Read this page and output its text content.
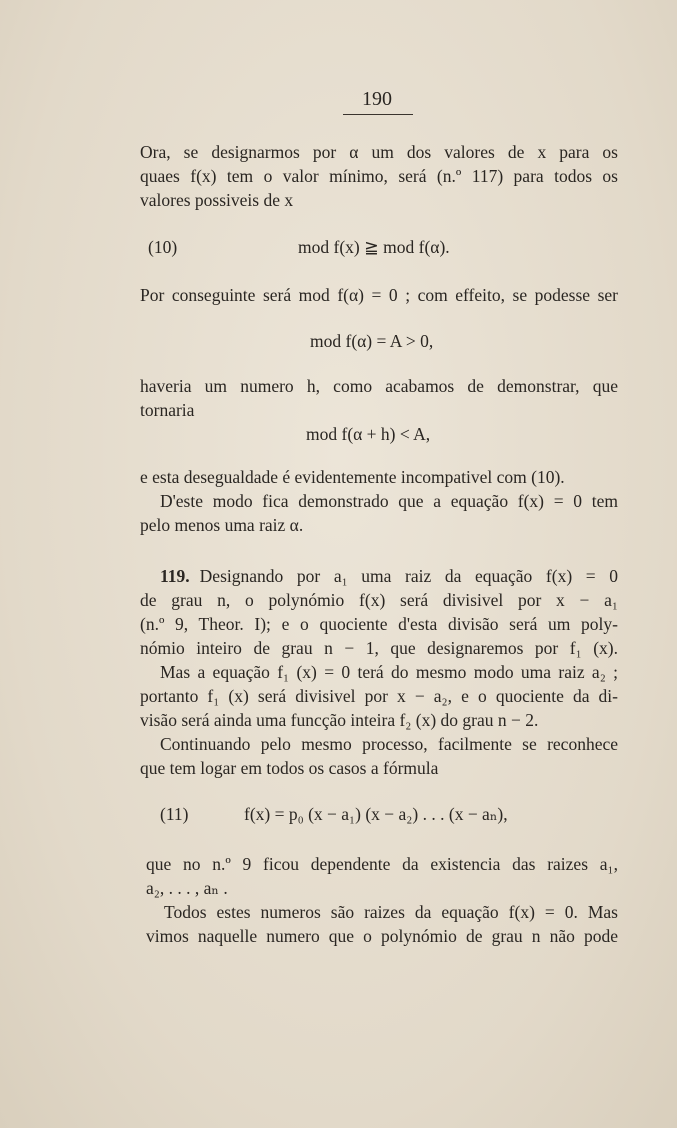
190
Ora, se designarmos por α um dos valores de x para os
quaes f(x) tem o valor mínimo, será (n.º 117) para todos os
valores possiveis de x
(10)	mod f(x) ≧ mod f(α).
Por conseguinte será mod f(α) = 0 ; com effeito, se podesse ser
mod f(α) = A > 0,
haveria um numero h, como acabamos de demonstrar, que
tornaria
mod f(α + h) < A,
e esta desegualdade é evidentemente incompativel com (10).
D'este modo fica demonstrado que a equação f(x) = 0 tem
pelo menos uma raiz α.
119. Designando por a₁ uma raiz da equação f(x) = 0
de grau n, o polynómio f(x) será divisivel por x − a₁
(n.º 9, Theor. I); e o quociente d'esta divisão será um poly-
nómio inteiro de grau n − 1, que designaremos por f₁ (x).
Mas a equação f₁ (x) = 0 terá do mesmo modo uma raiz a₂ ;
portanto f₁ (x) será divisivel por x − a₂, e o quociente da di-
visão será ainda uma funcção inteira f₂ (x) do grau n − 2.
Continuando pelo mesmo processo, facilmente se reconhece
que tem logar em todos os casos a fórmula
(11)	f(x) = p₀ (x − a₁) (x − a₂) . . . (x − aₙ),
que no n.º 9 ficou dependente da existencia das raizes a₁,
a₂, . . . , aₙ .
Todos estes numeros são raizes da equação f(x) = 0. Mas
vimos naquelle numero que o polynómio de grau n não pode
